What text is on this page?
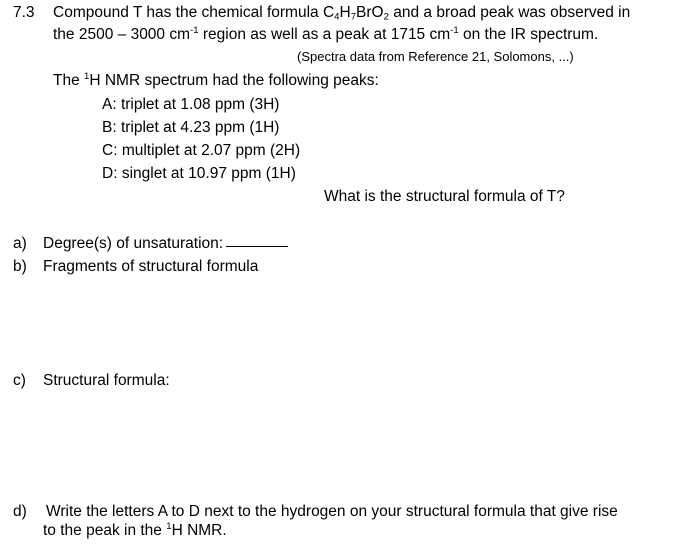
7.3 Compound T has the chemical formula $C_4H_7BrO_2$ and a broad peak was observed in
the 2500 – 3000 $cm^{-1}$ region as well as a peak at 1715 $cm^{-1}$ on the IR spectrum.
(Spectra data from Reference 21, Solomons, ...)
The $^1$H NMR spectrum had the following peaks:
A: triplet at 1.08 ppm (3H)
B: triplet at 4.23 ppm (1H)
C: multiplet at 2.07 ppm (2H)
D: singlet at 10.97 ppm (1H)
What is the structural formula of T?
a) Degree(s) of unsaturation:
b) Fragments of structural formula
c) Structural formula:
d) Write the letters A to D next to the hydrogen on your structural formula that give rise
to the peak in the $^1$H NMR.
